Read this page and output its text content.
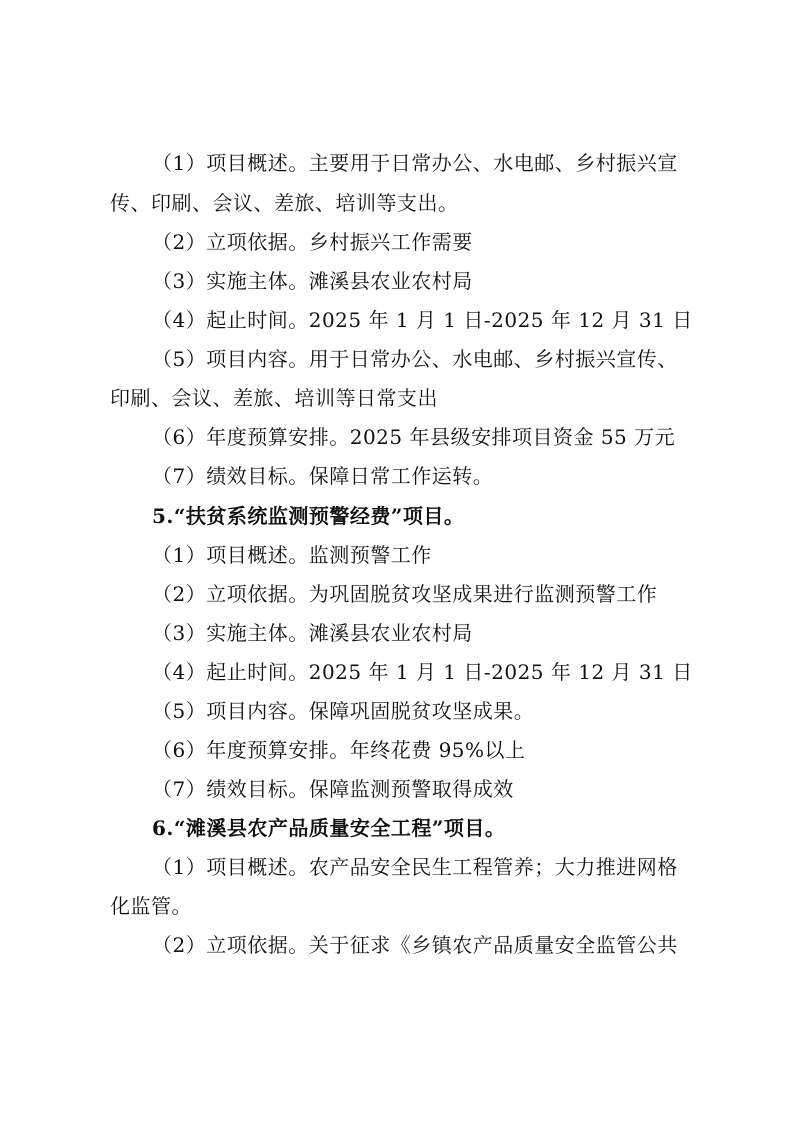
（1）项目概述。主要用于日常办公、水电邮、乡村振兴宣
传、印刷、会议、差旅、培训等支出。
（2）立项依据。乡村振兴工作需要
（3）实施主体。滩溪县农业农村局
（4）起止时间。2025 年 1 月 1 日-2025 年 12 月 31 日
（5）项目内容。用于日常办公、水电邮、乡村振兴宣传、
印刷、会议、差旅、培训等日常支出
（6）年度预算安排。2025 年县级安排项目资金 55 万元
（7）绩效目标。保障日常工作运转。
5.“扶贫系统监测预警经费”项目。
（1）项目概述。监测预警工作
（2）立项依据。为巩固脱贫攻坚成果进行监测预警工作
（3）实施主体。滩溪县农业农村局
（4）起止时间。2025 年 1 月 1 日-2025 年 12 月 31 日
（5）项目内容。保障巩固脱贫攻坚成果。
（6）年度预算安排。年终花费 95%以上
（7）绩效目标。保障监测预警取得成效
6.“滩溪县农产品质量安全工程”项目。
（1）项目概述。农产品安全民生工程管养；大力推进网格
化监管。
（2）立项依据。关于征求《乡镇农产品质量安全监管公共
